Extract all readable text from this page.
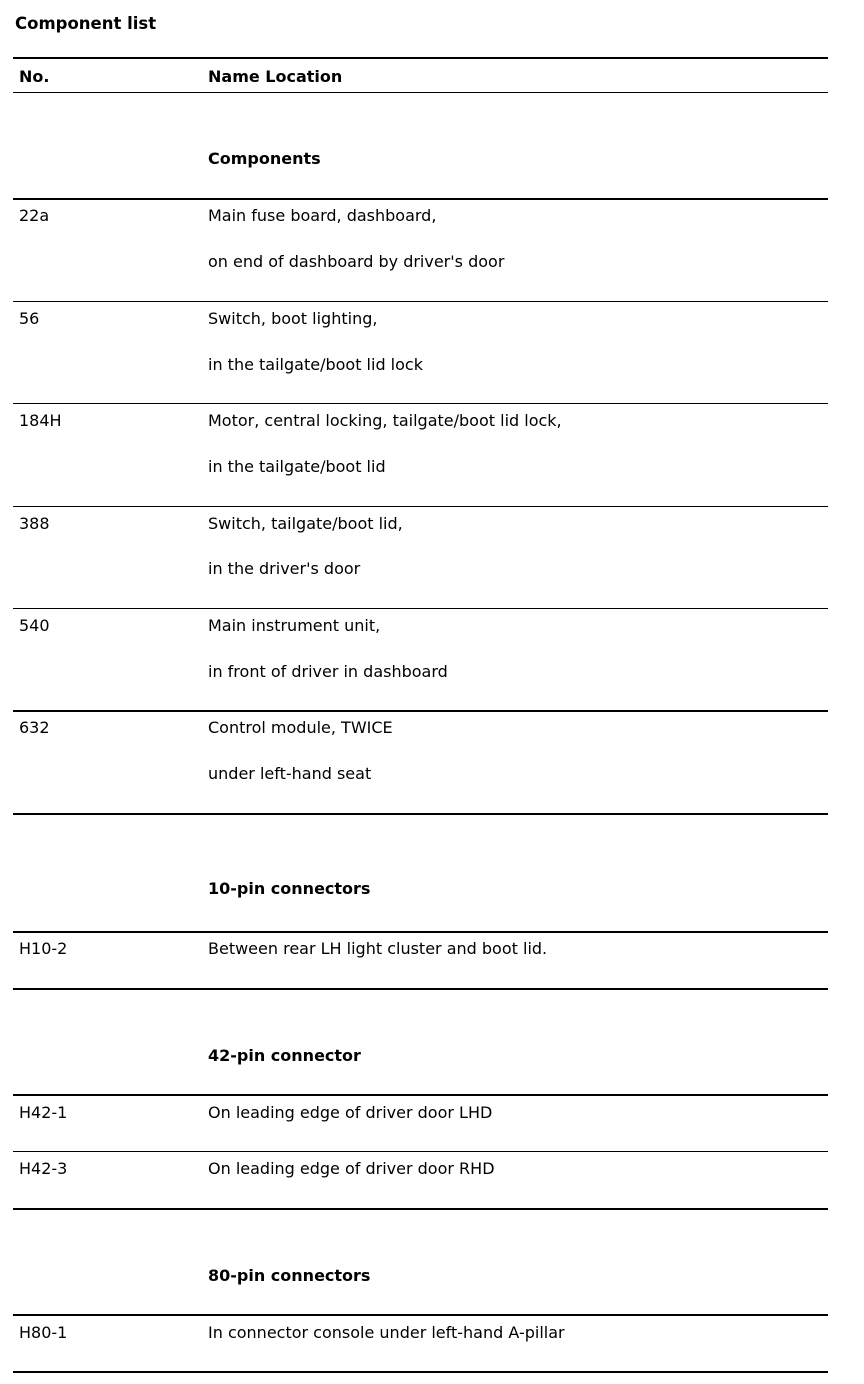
Component list
No.	Name Location
Components
22a	Main fuse board, dashboard,
on end of dashboard by driver's door
56	Switch, boot lighting,
in the tailgate/boot lid lock
184H	Motor, central locking, tailgate/boot lid lock,
in the tailgate/boot lid
388	Switch, tailgate/boot lid,
in the driver's door
540	Main instrument unit,
in front of driver in dashboard
632	Control module, TWICE
under left-hand seat
10-pin connectors
H10-2	Between rear LH light cluster and boot lid.
42-pin connector
H42-1	On leading edge of driver door LHD
H42-3	On leading edge of driver door RHD
80-pin connectors
H80-1	In connector console under left-hand A-pillar
